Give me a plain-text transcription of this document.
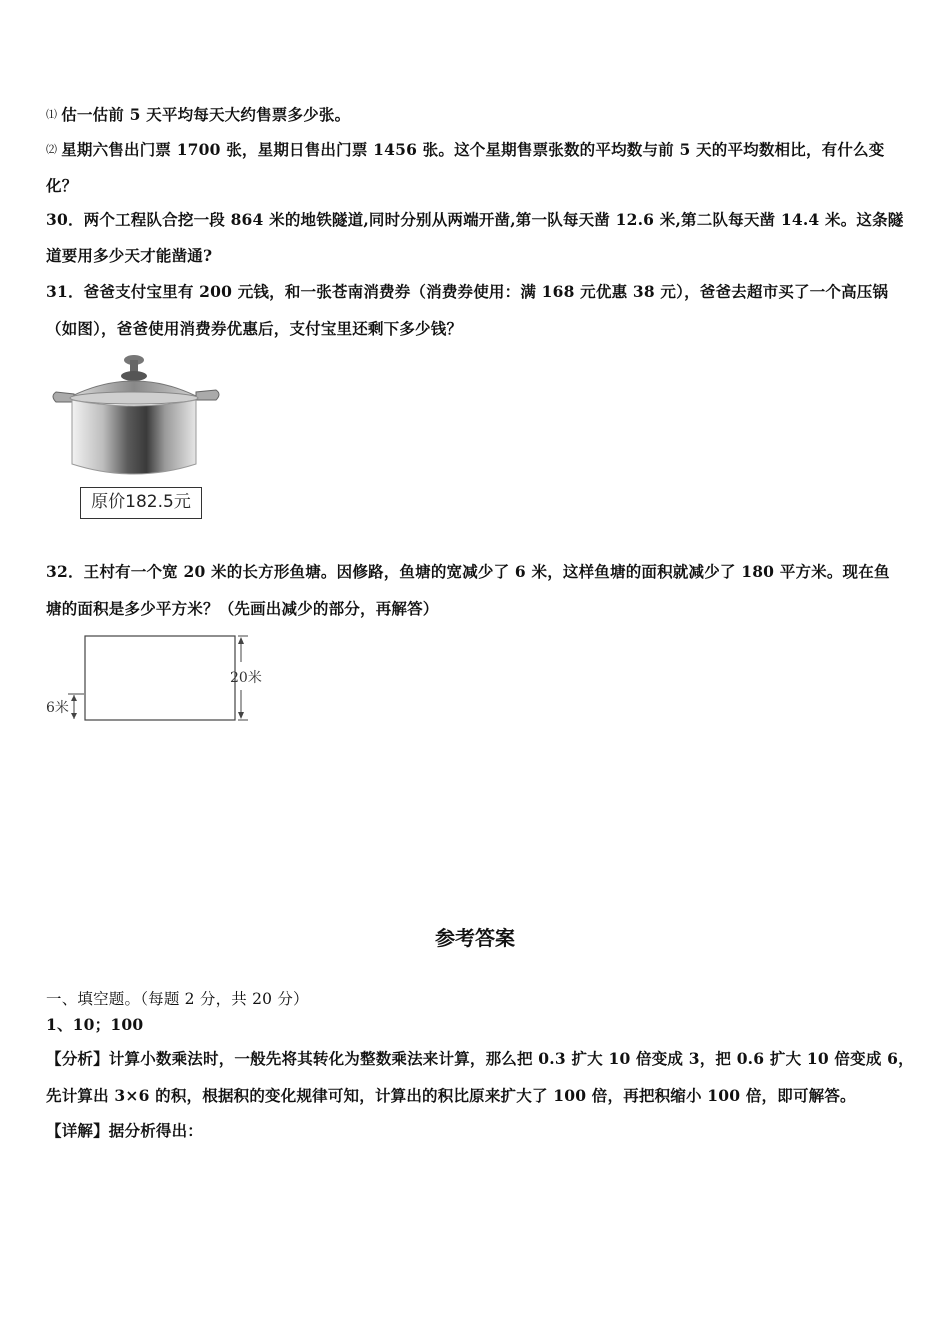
⑴ 估一估前 5 天平均每天大约售票多少张。
⑵ 星期六售出门票 1700 张，星期日售出门票 1456 张。这个星期售票张数的平均数与前 5 天的平均数相比，有什么变
化？
30．两个工程队合挖一段 864 米的地铁隧道,同时分别从两端开凿,第一队每天凿 12.6 米,第二队每天凿 14.4 米。这条隧
道要用多少天才能凿通?
31．爸爸支付宝里有 200 元钱，和一张苍南消费券（消费券使用：满 168 元优惠 38 元），爸爸去超市买了一个高压锅
（如图），爸爸使用消费券优惠后，支付宝里还剩下多少钱？
原价182.5元
32．王村有一个宽 20 米的长方形鱼塘。因修路，鱼塘的宽减少了 6 米，这样鱼塘的面积就减少了 180 平方米。现在鱼
塘的面积是多少平方米？（先画出减少的部分，再解答）
20米
6米
参考答案
一、填空题。（每题 2 分，共 20 分）
1、10；100
【分析】计算小数乘法时，一般先将其转化为整数乘法来计算，那么把 0.3 扩大 10 倍变成 3，把 0.6 扩大 10 倍变成 6，
先计算出 3×6 的积，根据积的变化规律可知，计算出的积比原来扩大了 100 倍，再把积缩小 100 倍，即可解答。
【详解】据分析得出：
